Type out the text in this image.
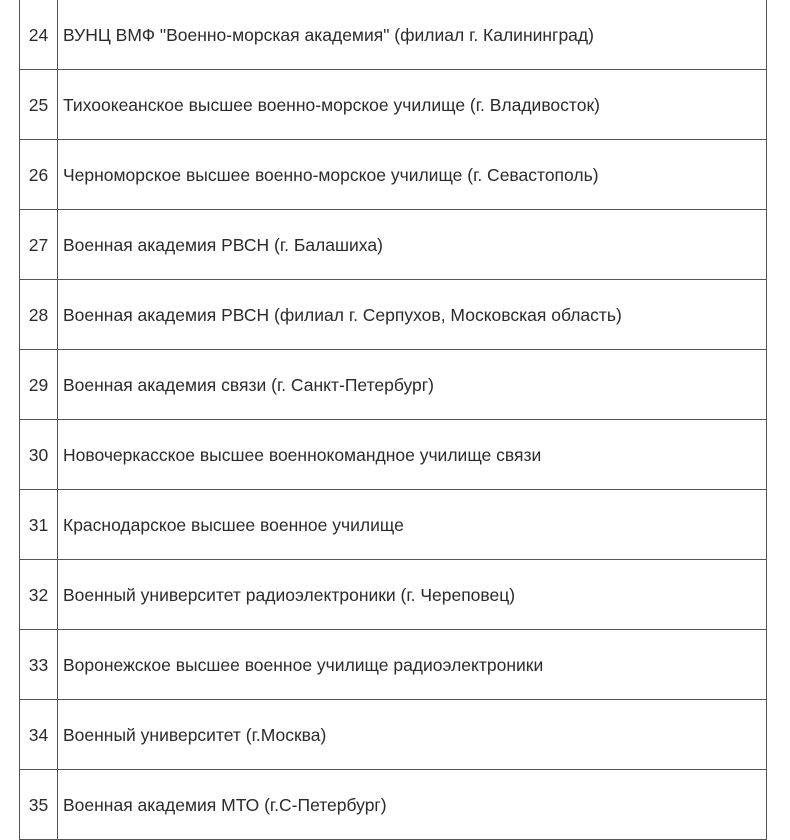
24	ВУНЦ ВМФ "Военно-морская академия" (филиал г. Калининград)
25	Тихоокеанское высшее военно-морское училище (г. Владивосток)
26	Черноморское высшее военно-морское училище (г. Севастополь)
27	Военная академия РВСН (г. Балашиха)
28	Военная академия РВСН (филиал г. Серпухов, Московская область)
29	Военная академия связи (г. Санкт-Петербург)
30	Новочеркасское высшее военнокомандное училище связи
31	Краснодарское высшее военное училище
32	Военный университет радиоэлектроники (г. Череповец)
33	Воронежское высшее военное училище радиоэлектроники
34	Военный университет (г.Москва)
35	Военная академия МТО (г.С-Петербург)
